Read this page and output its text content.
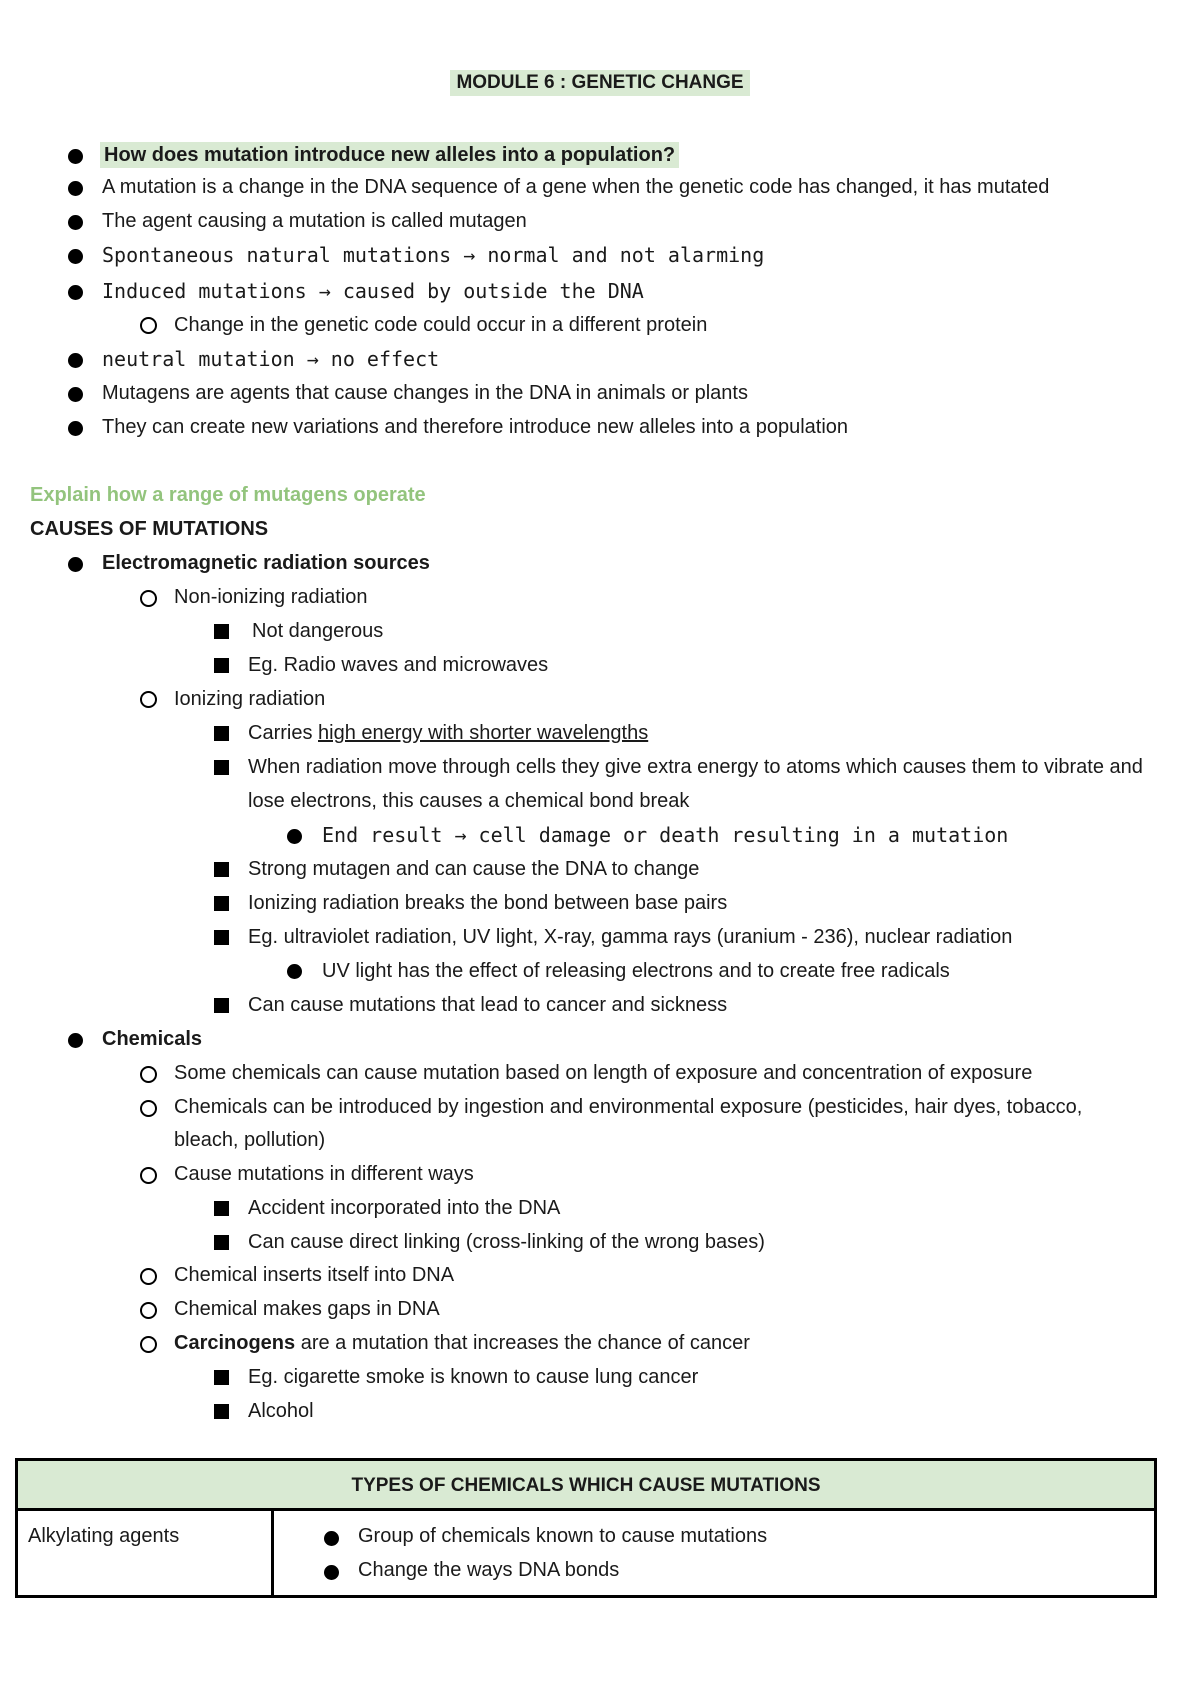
MODULE 6 : GENETIC CHANGE
How does mutation introduce new alleles into a population?
A mutation is a change in the DNA sequence of a gene when the genetic code has changed, it has mutated
The agent causing a mutation is called mutagen
Spontaneous natural mutations → normal and not alarming
Induced mutations → caused by outside the DNA
Change in the genetic code could occur in a different protein
neutral mutation → no effect
Mutagens are agents that cause changes in the DNA in animals or plants
They can create new variations and therefore introduce new alleles into a population
Explain how a range of mutagens operate
CAUSES OF MUTATIONS
Electromagnetic radiation sources
Non-ionizing radiation
Not dangerous
Eg. Radio waves and microwaves
Ionizing radiation
Carries high energy with shorter wavelengths
When radiation move through cells they give extra energy to atoms which causes them to vibrate and
lose electrons, this causes a chemical bond break
End result → cell damage or death resulting in a mutation
Strong mutagen and can cause the DNA to change
Ionizing radiation breaks the bond between base pairs
Eg. ultraviolet radiation, UV light, X-ray, gamma rays (uranium - 236), nuclear radiation
UV light has the effect of releasing electrons and to create free radicals
Can cause mutations that lead to cancer and sickness
Chemicals
Some chemicals can cause mutation based on length of exposure and concentration of exposure
Chemicals can be introduced by ingestion and environmental exposure (pesticides, hair dyes, tobacco,
bleach, pollution)
Cause mutations in different ways
Accident incorporated into the DNA
Can cause direct linking (cross-linking of the wrong bases)
Chemical inserts itself into DNA
Chemical makes gaps in DNA
Carcinogens are a mutation that increases the chance of cancer
Eg. cigarette smoke is known to cause lung cancer
Alcohol
TYPES OF CHEMICALS WHICH CAUSE MUTATIONS
Alkylating agents	Group of chemicals known to cause mutations
Change the ways DNA bonds
